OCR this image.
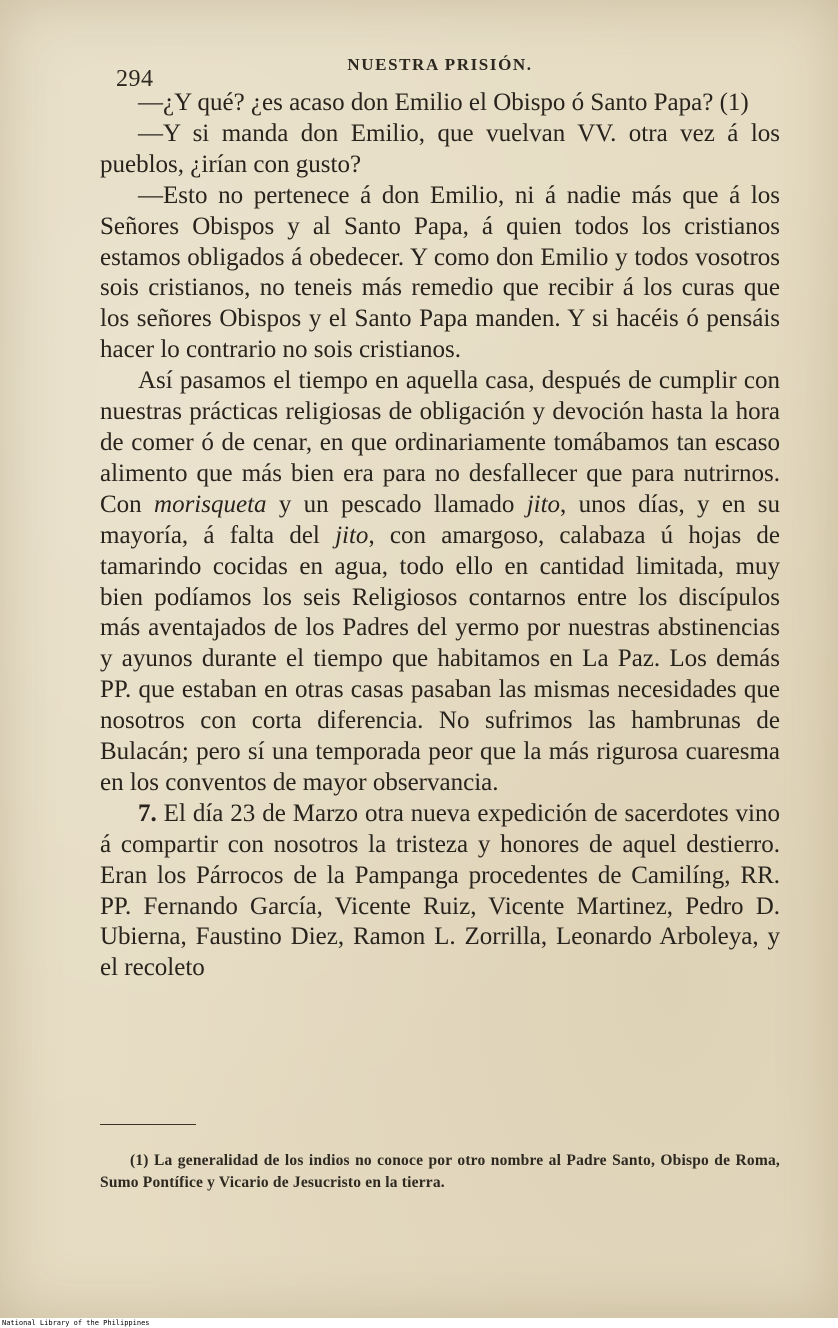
294
NUESTRA PRISIÓN.

—¿Y qué? ¿es acaso don Emilio el Obispo ó Santo Papa? (1)

—Y si manda don Emilio, que vuelvan VV. otra vez á los pueblos, ¿irían con gusto?

—Esto no pertenece á don Emilio, ni á nadie más que á los Señores Obispos y al Santo Papa, á quien todos los cristianos estamos obligados á obedecer. Y como don Emilio y todos vosotros sois cristianos, no teneis más remedio que recibir á los curas que los señores Obispos y el Santo Papa manden. Y si hacéis ó pensáis hacer lo contrario no sois cristianos.

Así pasamos el tiempo en aquella casa, después de cumplir con nuestras prácticas religiosas de obligación y devoción hasta la hora de comer ó de cenar, en que ordinariamente tomábamos tan escaso alimento que más bien era para no desfallecer que para nutrirnos. Con morisqueta y un pescado llamado jito, unos días, y en su mayoría, á falta del jito, con amargoso, calabaza ú hojas de tamarindo cocidas en agua, todo ello en cantidad limitada, muy bien podíamos los seis Religiosos contarnos entre los discípulos más aventajados de los Padres del yermo por nuestras abstinencias y ayunos durante el tiempo que habitamos en La Paz. Los demás PP. que estaban en otras casas pasaban las mismas necesidades que nosotros con corta diferencia. No sufrimos las hambrunas de Bulacán; pero sí una temporada peor que la más rigurosa cuaresma en los conventos de mayor observancia.

7. El día 23 de Marzo otra nueva expedición de sacerdotes vino á compartir con nosotros la tristeza y honores de aquel destierro. Eran los Párrocos de la Pampanga procedentes de Camilíng, RR. PP. Fernando García, Vicente Ruiz, Vicente Martinez, Pedro D. Ubierna, Faustino Diez, Ramon L. Zorrilla, Leonardo Arboleya, y el recoleto

(1) La generalidad de los indios no conoce por otro nombre al Padre Santo, Obispo de Roma, Sumo Pontífice y Vicario de Jesucristo en la tierra.

National Library of the Philippines
